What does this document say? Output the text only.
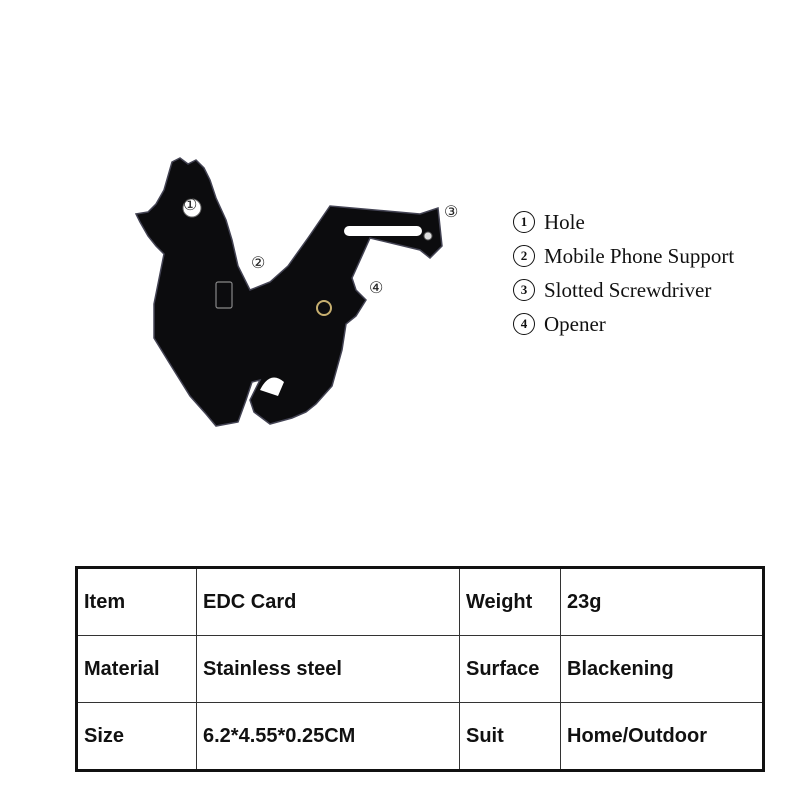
①
②
③
④
1 Hole
2 Mobile Phone Support
3 Slotted Screwdriver
4 Opener
Item	EDC Card	Weight	23g
Material	Stainless steel	Surface	Blackening
Size	6.2*4.55*0.25CM	Suit	Home/Outdoor
